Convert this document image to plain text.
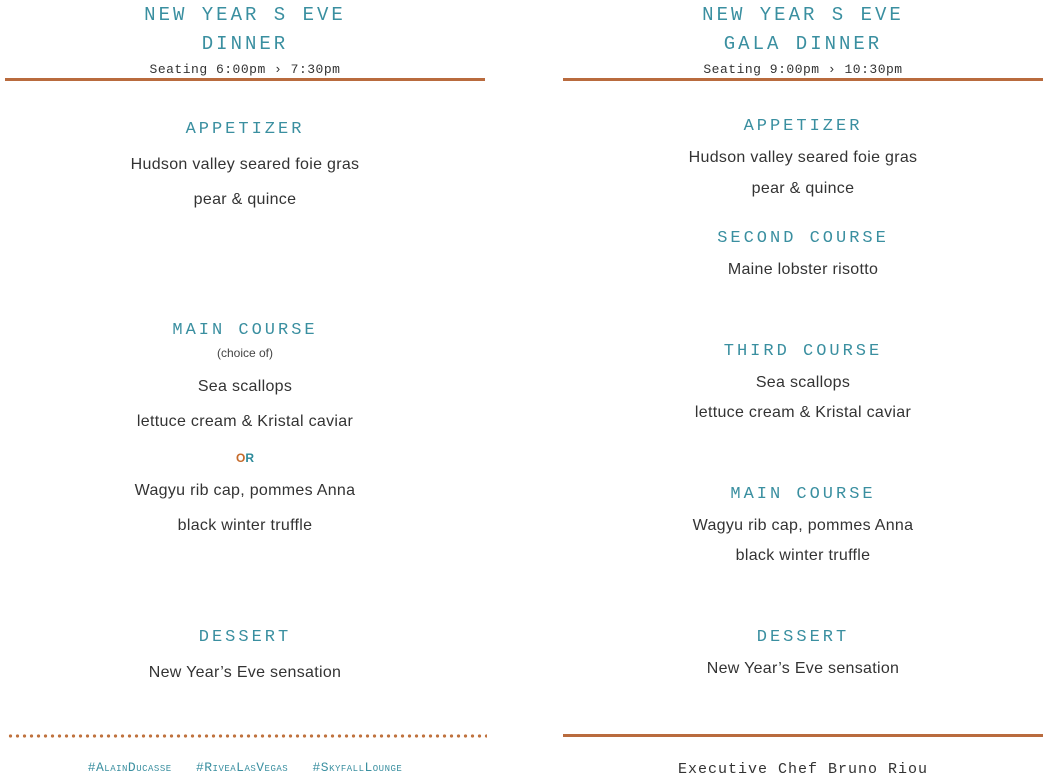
NEW YEAR S EVE
DINNER
Seating 6:00pm › 7:30pm
APPETIZER
Hudson valley seared foie gras
pear & quince
MAIN COURSE
(choice of)
Sea scallops
lettuce cream & Kristal caviar
OR
Wagyu rib cap, pommes Anna
black winter truffle
DESSERT
New Year’s Eve sensation
#AlainDucasse #RiveaLasVegas #SkyfallLounge
NEW YEAR S EVE
GALA DINNER
Seating 9:00pm › 10:30pm
APPETIZER
Hudson valley seared foie gras
pear & quince
SECOND COURSE
Maine lobster risotto
THIRD COURSE
Sea scallops
lettuce cream & Kristal caviar
MAIN COURSE
Wagyu rib cap, pommes Anna
black winter truffle
DESSERT
New Year’s Eve sensation
Executive Chef Bruno Riou
